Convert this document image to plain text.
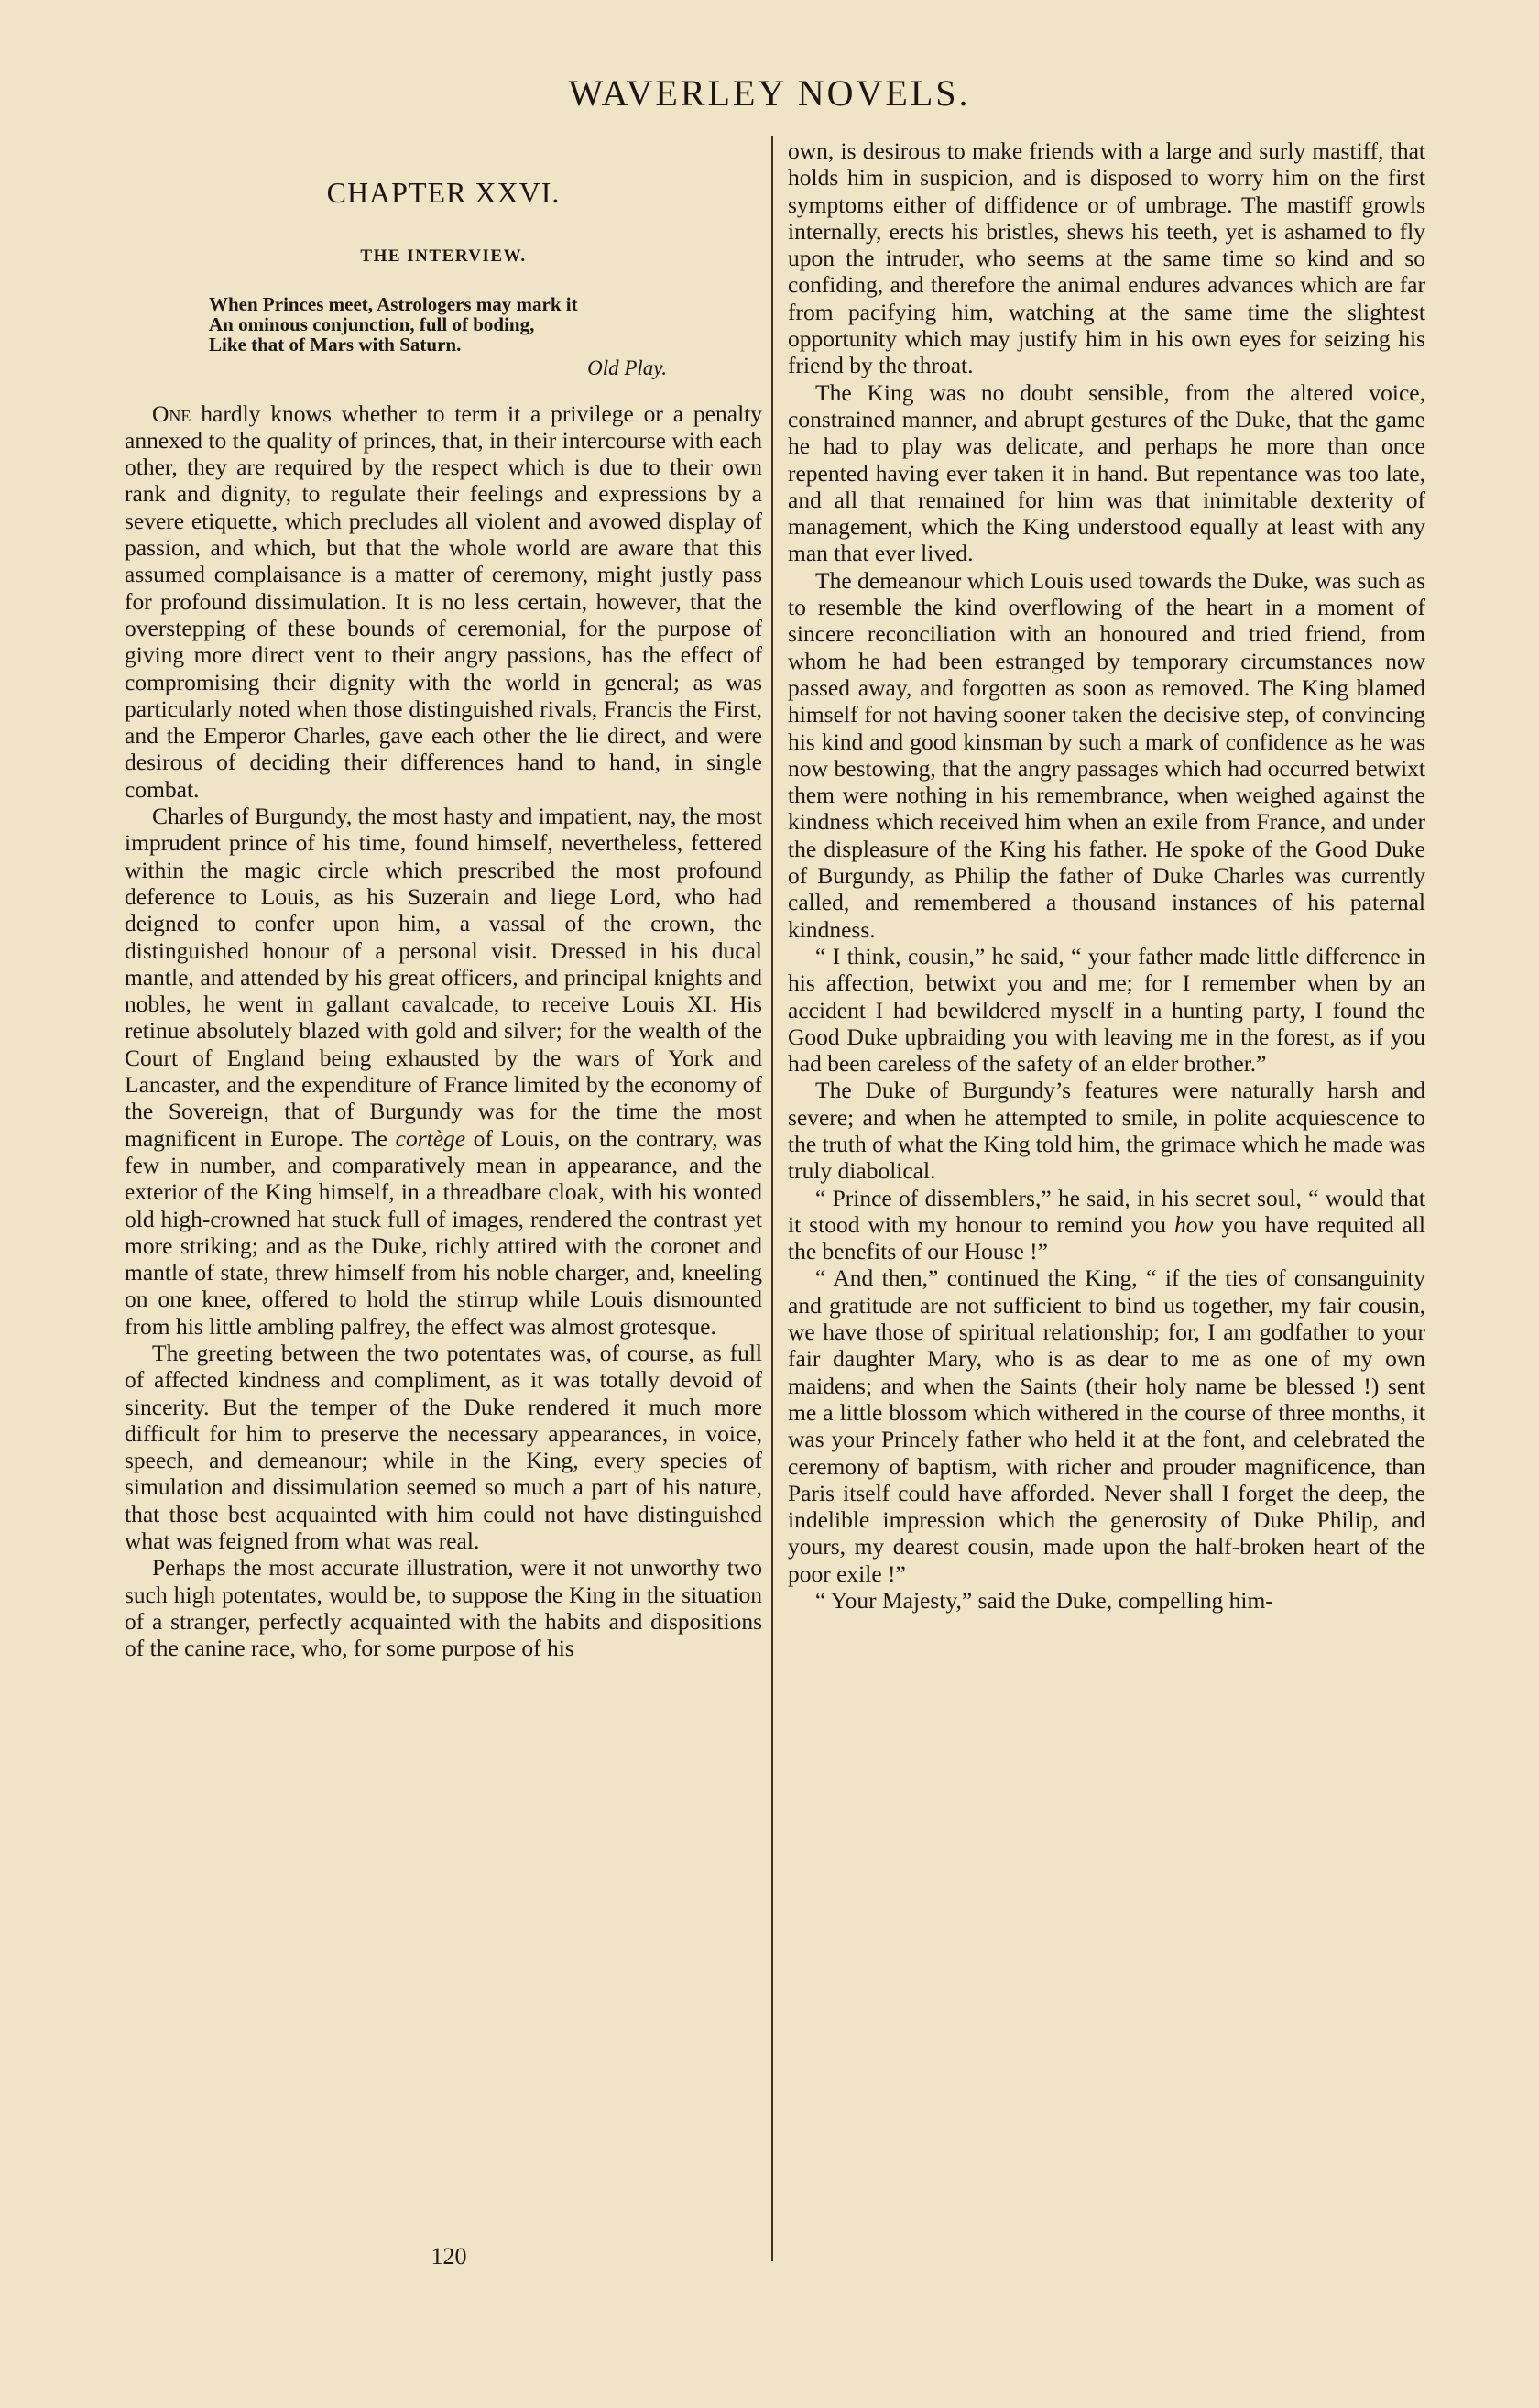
WAVERLEY NOVELS.
CHAPTER XXVI.
THE INTERVIEW.
When Princes meet, Astrologers may mark it
An ominous conjunction, full of boding,
Like that of Mars with Saturn.
Old Play.

One hardly knows whether to term it a privilege or a penalty annexed to the quality of princes, that, in their intercourse with each other, they are required by the respect which is due to their own rank and dignity, to regulate their feelings and expressions by a severe etiquette, which precludes all violent and avowed display of passion, and which, but that the whole world are aware that this assumed complaisance is a matter of ceremony, might justly pass for profound dissimulation. It is no less certain, however, that the overstepping of these bounds of ceremonial, for the purpose of giving more direct vent to their angry passions, has the effect of compromising their dignity with the world in general; as was particularly noted when those distinguished rivals, Francis the First, and the Emperor Charles, gave each other the lie direct, and were desirous of deciding their differences hand to hand, in single combat.

Charles of Burgundy, the most hasty and impatient, nay, the most imprudent prince of his time, found himself, nevertheless, fettered within the magic circle which prescribed the most profound deference to Louis, as his Suzerain and liege Lord, who had deigned to confer upon him, a vassal of the crown, the distinguished honour of a personal visit. Dressed in his ducal mantle, and attended by his great officers, and principal knights and nobles, he went in gallant cavalcade, to receive Louis XI. His retinue absolutely blazed with gold and silver; for the wealth of the Court of England being exhausted by the wars of York and Lancaster, and the expenditure of France limited by the economy of the Sovereign, that of Burgundy was for the time the most magnificent in Europe. The cortège of Louis, on the contrary, was few in number, and comparatively mean in appearance, and the exterior of the King himself, in a threadbare cloak, with his wonted old high-crowned hat stuck full of images, rendered the contrast yet more striking; and as the Duke, richly attired with the coronet and mantle of state, threw himself from his noble charger, and, kneeling on one knee, offered to hold the stirrup while Louis dismounted from his little ambling palfrey, the effect was almost grotesque.

The greeting between the two potentates was, of course, as full of affected kindness and compliment, as it was totally devoid of sincerity. But the temper of the Duke rendered it much more difficult for him to preserve the necessary appearances, in voice, speech, and demeanour; while in the King, every species of simulation and dissimulation seemed so much a part of his nature, that those best acquainted with him could not have distinguished what was feigned from what was real.

Perhaps the most accurate illustration, were it not unworthy two such high potentates, would be, to suppose the King in the situation of a stranger, perfectly acquainted with the habits and dispositions of the canine race, who, for some purpose of his

own, is desirous to make friends with a large and surly mastiff, that holds him in suspicion, and is disposed to worry him on the first symptoms either of diffidence or of umbrage. The mastiff growls internally, erects his bristles, shews his teeth, yet is ashamed to fly upon the intruder, who seems at the same time so kind and so confiding, and therefore the animal endures advances which are far from pacifying him, watching at the same time the slightest opportunity which may justify him in his own eyes for seizing his friend by the throat.

The King was no doubt sensible, from the altered voice, constrained manner, and abrupt gestures of the Duke, that the game he had to play was delicate, and perhaps he more than once repented having ever taken it in hand. But repentance was too late, and all that remained for him was that inimitable dexterity of management, which the King understood equally at least with any man that ever lived.

The demeanour which Louis used towards the Duke, was such as to resemble the kind overflowing of the heart in a moment of sincere reconciliation with an honoured and tried friend, from whom he had been estranged by temporary circumstances now passed away, and forgotten as soon as removed. The King blamed himself for not having sooner taken the decisive step, of convincing his kind and good kinsman by such a mark of confidence as he was now bestowing, that the angry passages which had occurred betwixt them were nothing in his remembrance, when weighed against the kindness which received him when an exile from France, and under the displeasure of the King his father. He spoke of the Good Duke of Burgundy, as Philip the father of Duke Charles was currently called, and remembered a thousand instances of his paternal kindness.

“ I think, cousin,” he said, “ your father made little difference in his affection, betwixt you and me; for I remember when by an accident I had bewildered myself in a hunting party, I found the Good Duke upbraiding you with leaving me in the forest, as if you had been careless of the safety of an elder brother.”

The Duke of Burgundy’s features were naturally harsh and severe; and when he attempted to smile, in polite acquiescence to the truth of what the King told him, the grimace which he made was truly diabolical.

“ Prince of dissemblers,” he said, in his secret soul, “ would that it stood with my honour to remind you how you have requited all the benefits of our House !”

“ And then,” continued the King, “ if the ties of consanguinity and gratitude are not sufficient to bind us together, my fair cousin, we have those of spiritual relationship; for, I am godfather to your fair daughter Mary, who is as dear to me as one of my own maidens; and when the Saints (their holy name be blessed !) sent me a little blossom which withered in the course of three months, it was your Princely father who held it at the font, and celebrated the ceremony of baptism, with richer and prouder magnificence, than Paris itself could have afforded. Never shall I forget the deep, the indelible impression which the generosity of Duke Philip, and yours, my dearest cousin, made upon the half-broken heart of the poor exile !”

“ Your Majesty,” said the Duke, compelling him-

120
